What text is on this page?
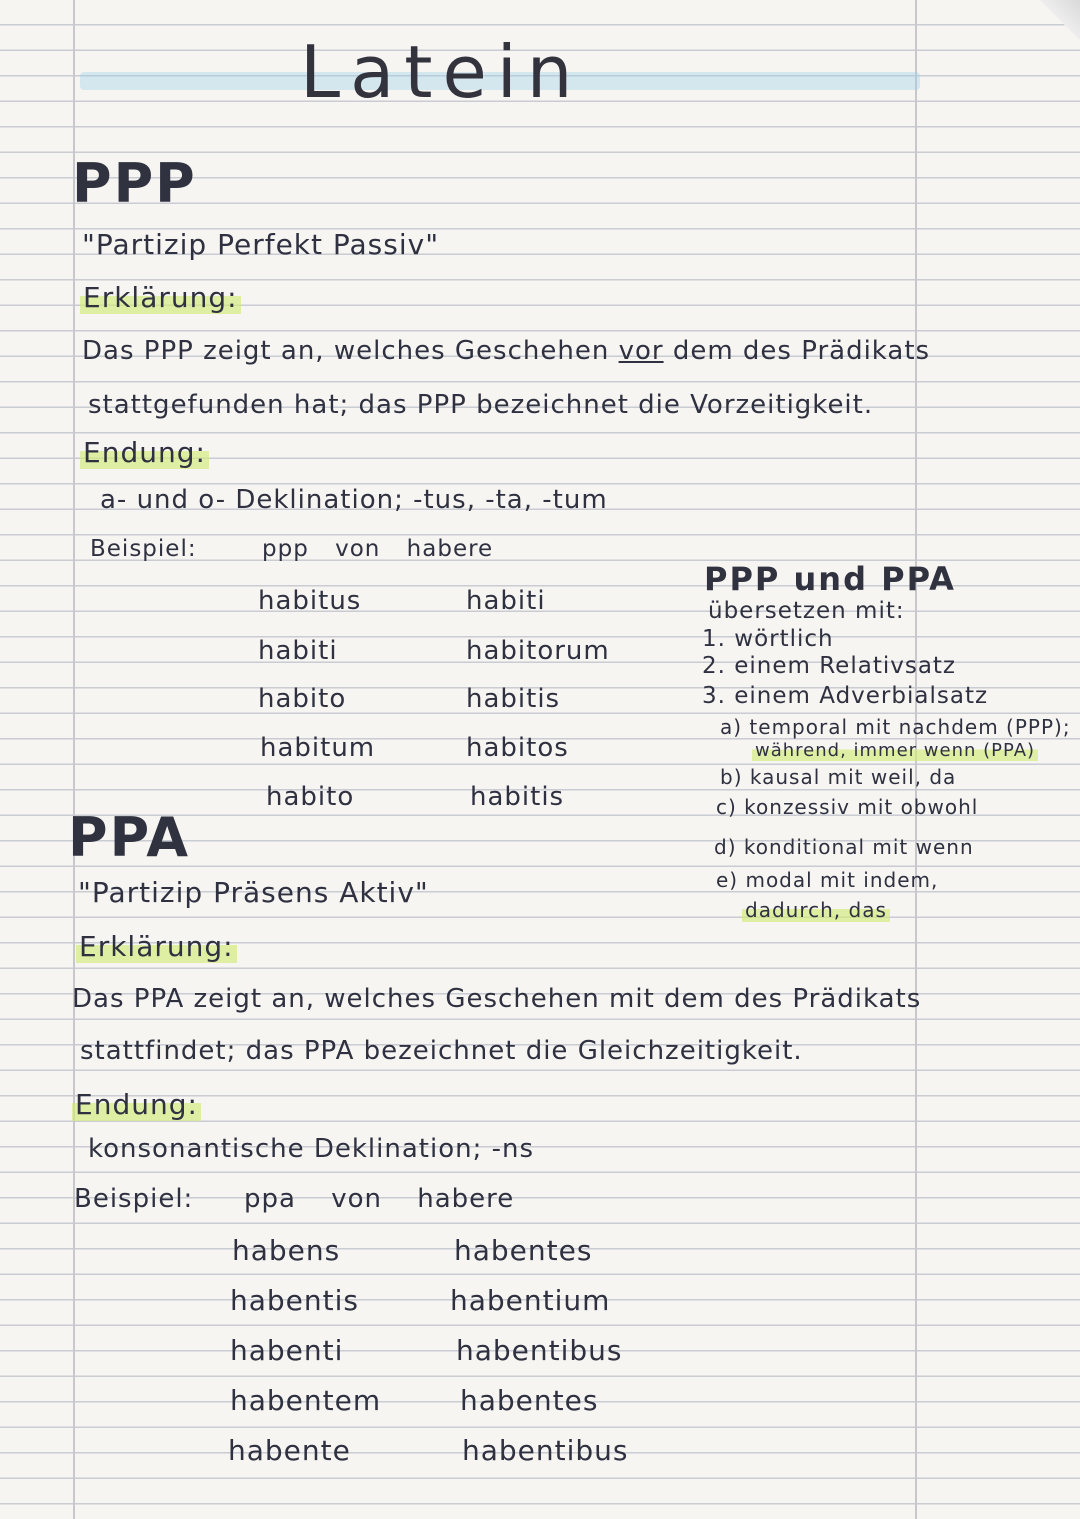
Latein
PPP
"Partizip Perfekt Passiv"
Erklärung:
Das PPP zeigt an, welches Geschehen vor dem des Prädikats
stattgefunden hat; das PPP bezeichnet die Vorzeitigkeit.
Endung:
a- und o- Deklination; -tus, -ta, -tum
Beispiel:	ppp von habere
habitus
habiti
habito
habitum
habito
habiti
habitorum
habitis
habitos
habitis
PPP und PPA
übersetzen mit:
1. wörtlich
2. einem Relativsatz
3. einem Adverbialsatz
a) temporal mit nachdem (PPP);
während, immer wenn (PPA)
b) kausal mit weil, da
c) konzessiv mit obwohl
d) konditional mit wenn
e) modal mit indem,
dadurch, das
PPA
"Partizip Präsens Aktiv"
Erklärung:
Das PPA zeigt an, welches Geschehen mit dem des Prädikats
stattfindet; das PPA bezeichnet die Gleichzeitigkeit.
Endung:
konsonantische Deklination; -ns
Beispiel: ppa von habere
habens
habentis
habenti
habentem
habente
habentes
habentium
habentibus
habentes
habentibus
